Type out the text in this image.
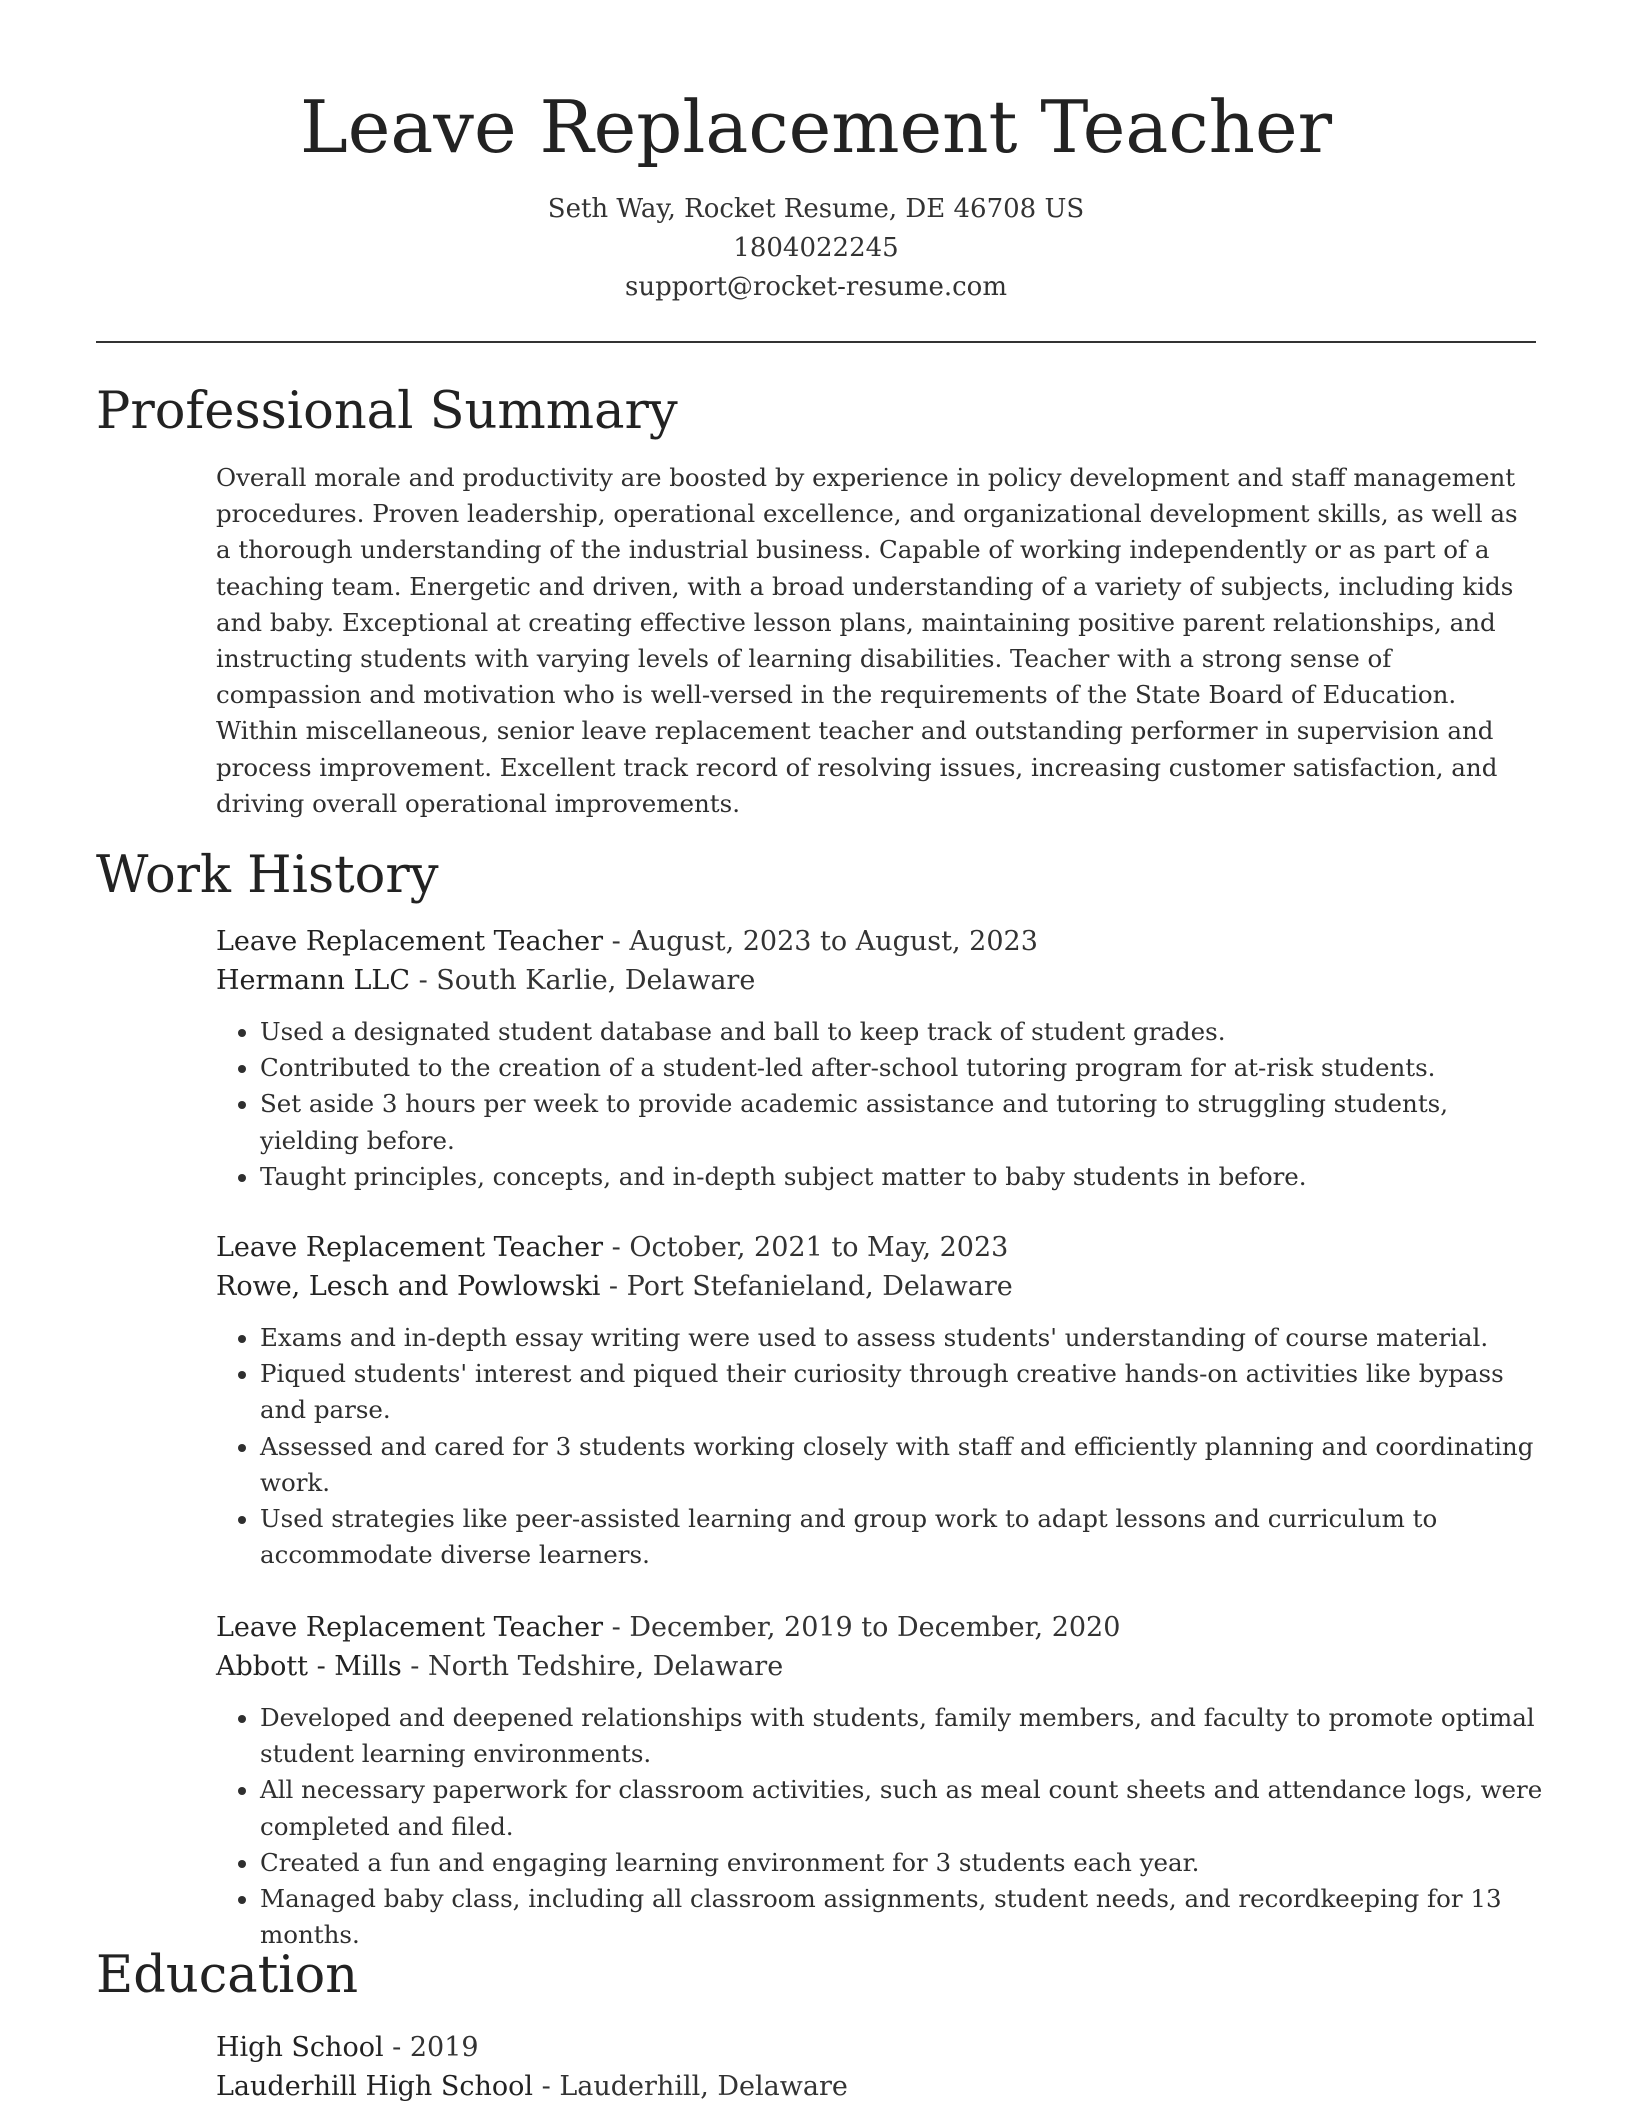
Leave Replacement Teacher
Seth Way, Rocket Resume, DE 46708 US
1804022245
support@rocket-resume.com
Professional Summary

Overall morale and productivity are boosted by experience in policy development and staff management procedures. Proven leadership, operational excellence, and organizational development skills, as well as a thorough understanding of the industrial business. Capable of working independently or as part of a teaching team. Energetic and driven, with a broad understanding of a variety of subjects, including kids and baby. Exceptional at creating effective lesson plans, maintaining positive parent relationships, and instructing students with varying levels of learning disabilities. Teacher with a strong sense of compassion and motivation who is well-versed in the requirements of the State Board of Education. Within miscellaneous, senior leave replacement teacher and outstanding performer in supervision and process improvement. Excellent track record of resolving issues, increasing customer satisfaction, and driving overall operational improvements.

Work History

Leave Replacement Teacher - August, 2023 to August, 2023

Hermann LLC - South Karlie, Delaware

• Used a designated student database and ball to keep track of student grades.
• Contributed to the creation of a student-led after-school tutoring program for at-risk students.
• Set aside 3 hours per week to provide academic assistance and tutoring to struggling students, yielding before.
• Taught principles, concepts, and in-depth subject matter to baby students in before.

Leave Replacement Teacher - October, 2021 to May, 2023

Rowe, Lesch and Powlowski - Port Stefanieland, Delaware

• Exams and in-depth essay writing were used to assess students' understanding of course material.
• Piqued students' interest and piqued their curiosity through creative hands-on activities like bypass and parse.
• Assessed and cared for 3 students working closely with staff and efficiently planning and coordinating work.
• Used strategies like peer-assisted learning and group work to adapt lessons and curriculum to accommodate diverse learners.

Leave Replacement Teacher - December, 2019 to December, 2020

Abbott - Mills - North Tedshire, Delaware

• Developed and deepened relationships with students, family members, and faculty to promote optimal student learning environments.
• All necessary paperwork for classroom activities, such as meal count sheets and attendance logs, were completed and filed.
• Created a fun and engaging learning environment for 3 students each year.
• Managed baby class, including all classroom assignments, student needs, and recordkeeping for 13 months.
Education

High School - 2019

Lauderhill High School - Lauderhill, Delaware
